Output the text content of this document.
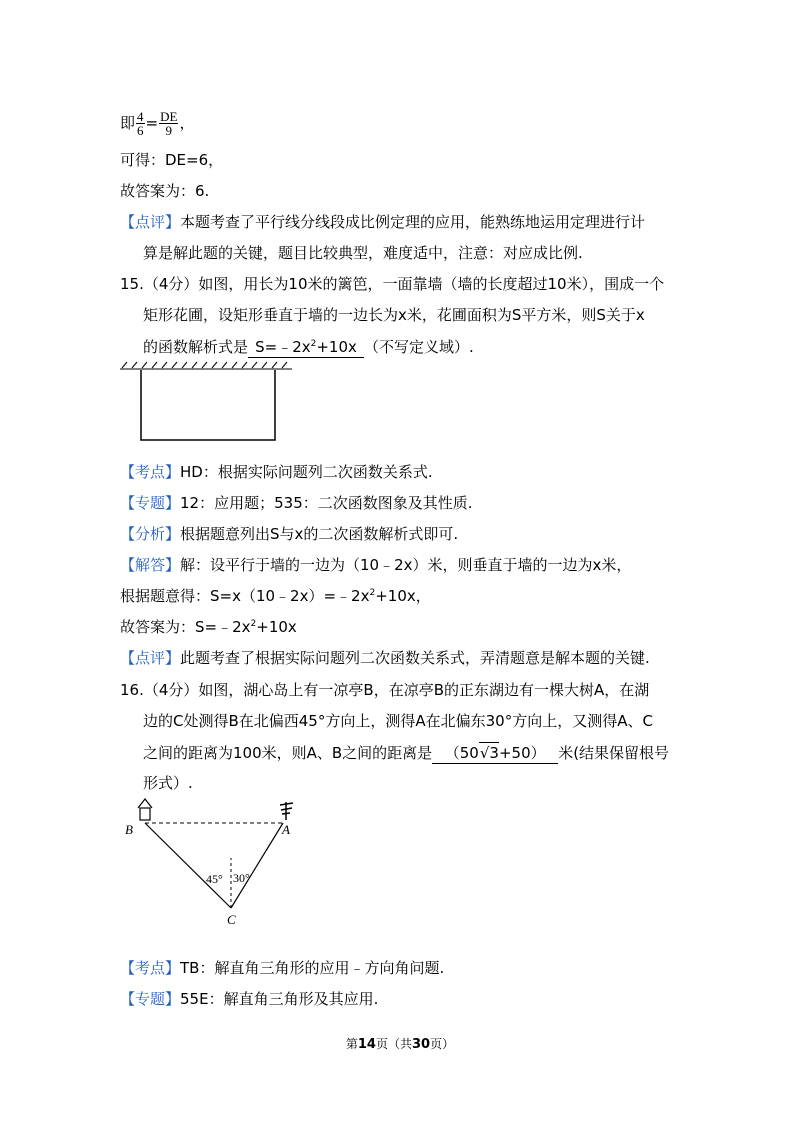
即 $\frac{4}{6} = \frac{DE}{9}$ ，
可得：DE=6，
故答案为：6.
【点评】本题考查了平行线分线段成比例定理的应用，能熟练地运用定理进行计
算是解此题的关键，题目比较典型，难度适中，注意：对应成比例.
15.（4分）如图，用长为10米的篱笆，一面靠墙（墙的长度超过10米），围成一个
矩形花圃，设矩形垂直于墙的一边长为x米，花圃面积为S平方米，则S关于x
的函数解析式是 $S=﹣2x^2+10x$ （不写定义域）.
【考点】HD：根据实际问题列二次函数关系式.
【专题】12：应用题；535：二次函数图象及其性质.
【分析】根据题意列出S与x的二次函数解析式即可.
【解答】解：设平行于墙的一边为（10﹣2x）米，则垂直于墙的一边为x米，
根据题意得：$S=x(10﹣2x)=﹣2x^2+10x$，
故答案为：$S=﹣2x^2+10x$
【点评】此题考查了根据实际问题列二次函数关系式，弄清题意是解本题的关键.
16.（4分）如图，湖心岛上有一凉亭B，在凉亭B的正东湖边有一棵大树A，在湖
边的C处测得B在北偏西45°方向上，测得A在北偏东30°方向上，又测得A、C
之间的距离为100米，则A、B之间的距离是 （50√3+50） 米(结果保留根号
形式）.
B	A
C
45° 30°
【考点】TB：解直角三角形的应用﹣方向角问题.
【专题】55E：解直角三角形及其应用.
第14页（共30页）
